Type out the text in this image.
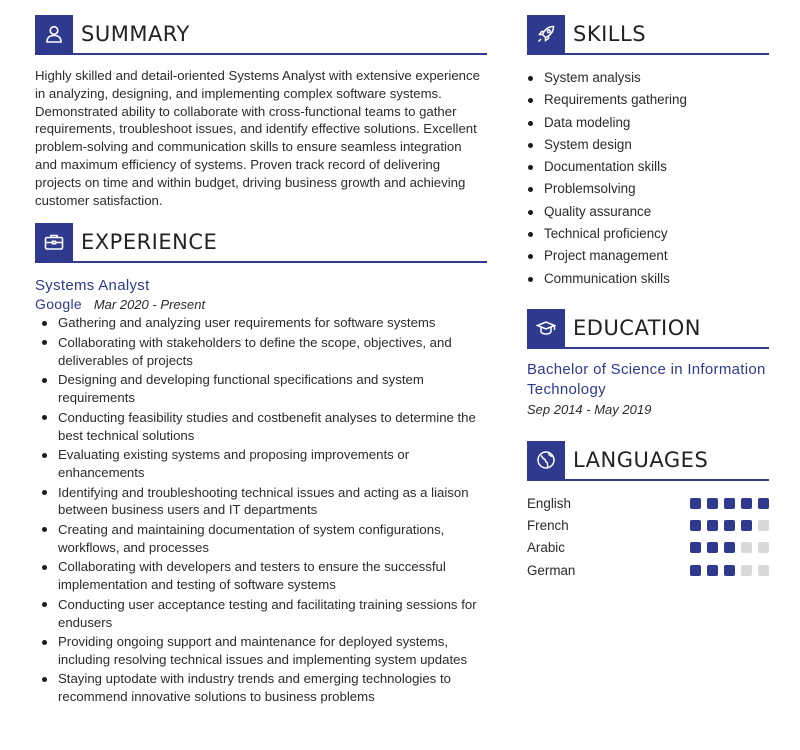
SUMMARY
Highly skilled and detail-oriented Systems Analyst with extensive experience in analyzing, designing, and implementing complex software systems. Demonstrated ability to collaborate with cross-functional teams to gather requirements, troubleshoot issues, and identify effective solutions. Excellent problem-solving and communication skills to ensure seamless integration and maximum efficiency of systems. Proven track record of delivering projects on time and within budget, driving business growth and achieving customer satisfaction.
EXPERIENCE
Systems Analyst
Google Mar 2020 - Present
Gathering and analyzing user requirements for software systems
Collaborating with stakeholders to define the scope, objectives, and deliverables of projects
Designing and developing functional specifications and system requirements
Conducting feasibility studies and costbenefit analyses to determine the best technical solutions
Evaluating existing systems and proposing improvements or enhancements
Identifying and troubleshooting technical issues and acting as a liaison between business users and IT departments
Creating and maintaining documentation of system configurations, workflows, and processes
Collaborating with developers and testers to ensure the successful implementation and testing of software systems
Conducting user acceptance testing and facilitating training sessions for endusers
Providing ongoing support and maintenance for deployed systems, including resolving technical issues and implementing system updates
Staying uptodate with industry trends and emerging technologies to recommend innovative solutions to business problems
SKILLS
System analysis
Requirements gathering
Data modeling
System design
Documentation skills
Problemsolving
Quality assurance
Technical proficiency
Project management
Communication skills
EDUCATION
Bachelor of Science in Information Technology
Sep 2014 - May 2019
LANGUAGES
English
French
Arabic
German
